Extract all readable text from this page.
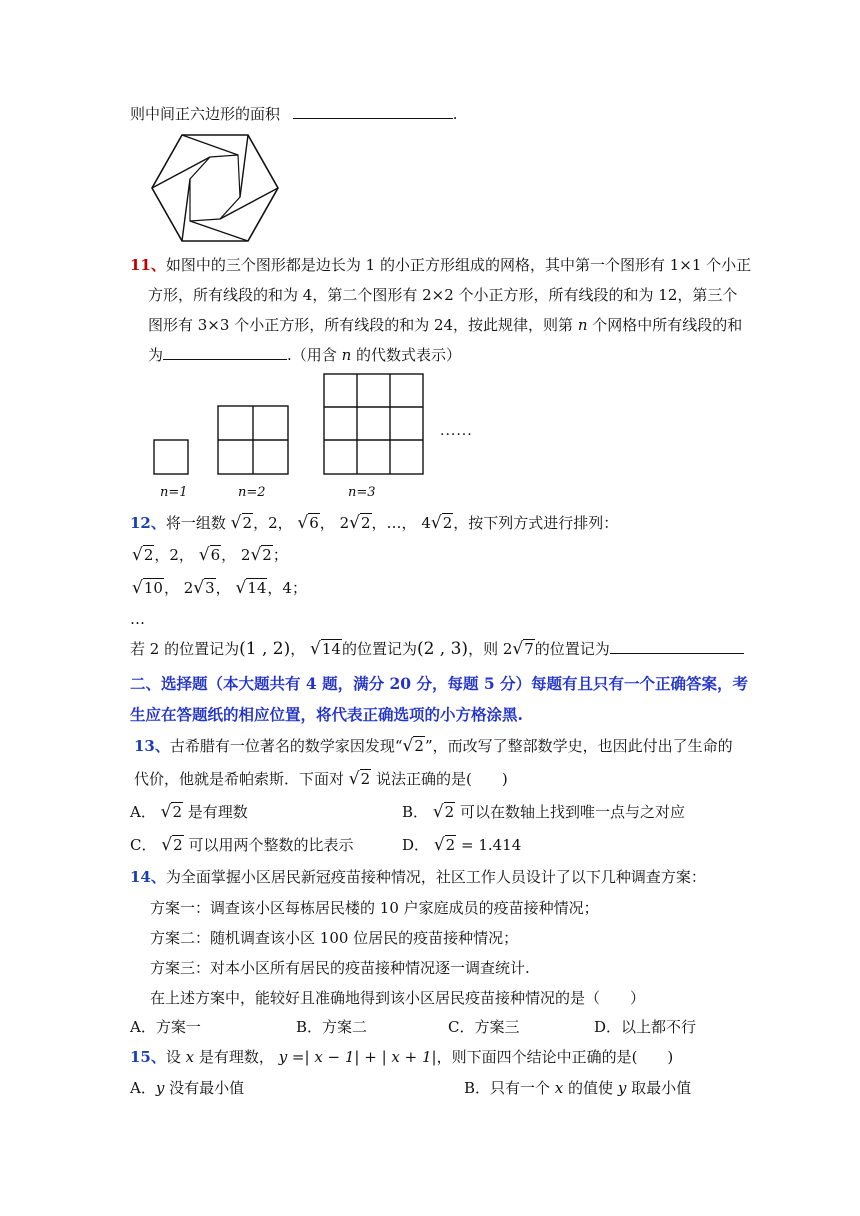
则中间正六边形的面积	.
11、如图中的三个图形都是边长为 1 的小正方形组成的网格，其中第一个图形有 1×1 个小正
方形，所有线段的和为 4，第二个图形有 2×2 个小正方形，所有线段的和为 12，第三个
图形有 3×3 个小正方形，所有线段的和为 24，按此规律，则第 n 个网格中所有线段的和
为	.（用含 n 的代数式表示）
......
n=1	n=2	n=3
12、将一组数 √2，2， √6， 2√2，…， 4√2，按下列方式进行排列：
√2，2， √6， 2√2；
√10， 2√3， √14，4；
…
若 2 的位置记为(1 , 2)， √14的位置记为(2 , 3)，则 2√7的位置记为
二、选择题（本大题共有 4 题，满分 20 分，每题 5 分）每题有且只有一个正确答案，考
生应在答题纸的相应位置，将代表正确选项的小方格涂黑.
13、古希腊有一位著名的数学家因发现“√2”，而改写了整部数学史，也因此付出了生命的
代价，他就是希帕索斯．下面对 √2 说法正确的是(　　)
A． √2 是有理数	B． √2 可以在数轴上找到唯一点与之对应
C． √2 可以用两个整数的比表示	D． √2 = 1.414
14、为全面掌握小区居民新冠疫苗接种情况，社区工作人员设计了以下几种调查方案：
方案一：调查该小区每栋居民楼的 10 户家庭成员的疫苗接种情况；
方案二：随机调查该小区 100 位居民的疫苗接种情况；
方案三：对本小区所有居民的疫苗接种情况逐一调查统计.
在上述方案中，能较好且准确地得到该小区居民疫苗接种情况的是（　　）
A．方案一	B．方案二	C．方案三	D．以上都不行
15、设 x 是有理数， y =| x − 1| + | x + 1|，则下面四个结论中正确的是(　　)
A．y 没有最小值	B．只有一个 x 的值使 y 取最小值
